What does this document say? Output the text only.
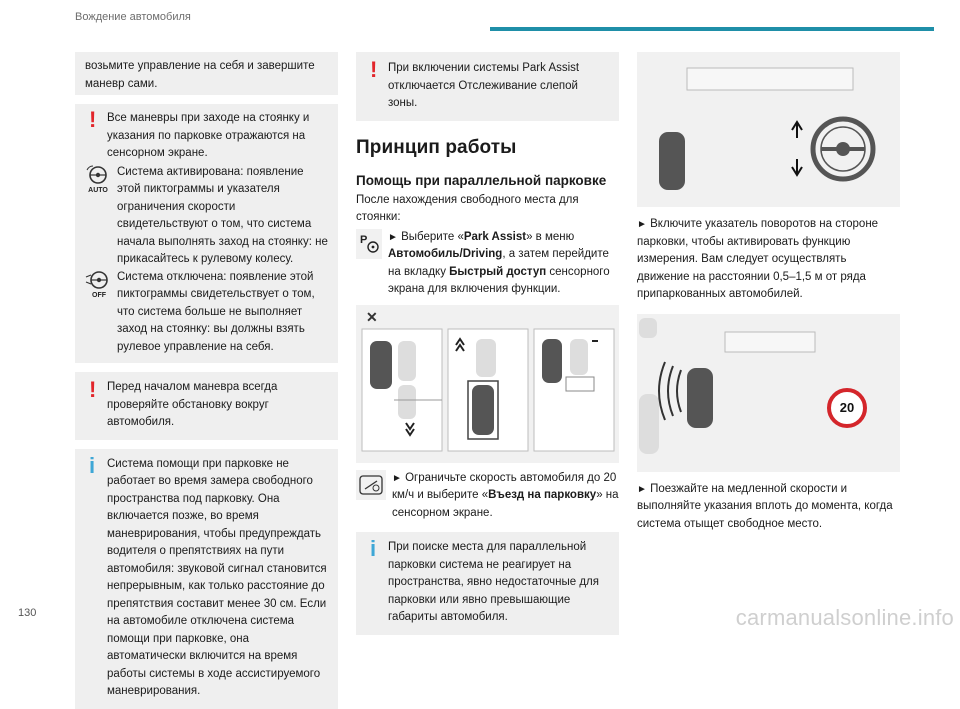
Вождение автомобиля
возьмите управление на себя и завершите маневр сами.
! Все маневры при заходе на стоянку и указания по парковке отражаются на сенсорном экране.
AUTO
Система активирована: появление этой пиктограммы и указателя ограничения скорости свидетельствуют о том, что система начала выполнять заход на стоянку: не прикасайтесь к рулевому колесу.
OFF
Система отключена: появление этой пиктограммы свидетельствует о том, что система больше не выполняет заход на стоянку: вы должны взять рулевое управление на себя.
! Перед началом маневра всегда проверяйте обстановку вокруг автомобиля.
i Система помощи при парковке не работает во время замера свободного пространства под парковку. Она включается позже, во время маневрирования, чтобы предупреждать водителя о препятствиях на пути автомобиля: звуковой сигнал становится непрерывным, как только расстояние до препятствия составит менее 30 см. Если на автомобиле отключена система помощи при парковке, она автоматически включится на время работы системы в ходе ассистируемого маневрирования.
! При включении системы Park Assist отключается Отслеживание слепой зоны.
Принцип работы
Помощь при параллельной парковке
После нахождения свободного места для стоянки:
P ► Выберите «Park Assist» в меню Автомобиль/Driving, а затем перейдите на вкладку Быстрый доступ сенсорного экрана для включения функции.
✕
► Ограничьте скорость автомобиля до 20 км/ч и выберите «Въезд на парковку» на сенсорном экране.
i При поиске места для параллельной парковки система не реагирует на пространства, явно недостаточные для парковки или явно превышающие габариты автомобиля.
► Включите указатель поворотов на стороне парковки, чтобы активировать функцию измерения. Вам следует осуществлять движение на расстоянии 0,5–1,5 м от ряда припаркованных автомобилей.
20
► Поезжайте на медленной скорости и выполняйте указания вплоть до момента, когда система отыщет свободное место.
130	carmanualsonline.info
